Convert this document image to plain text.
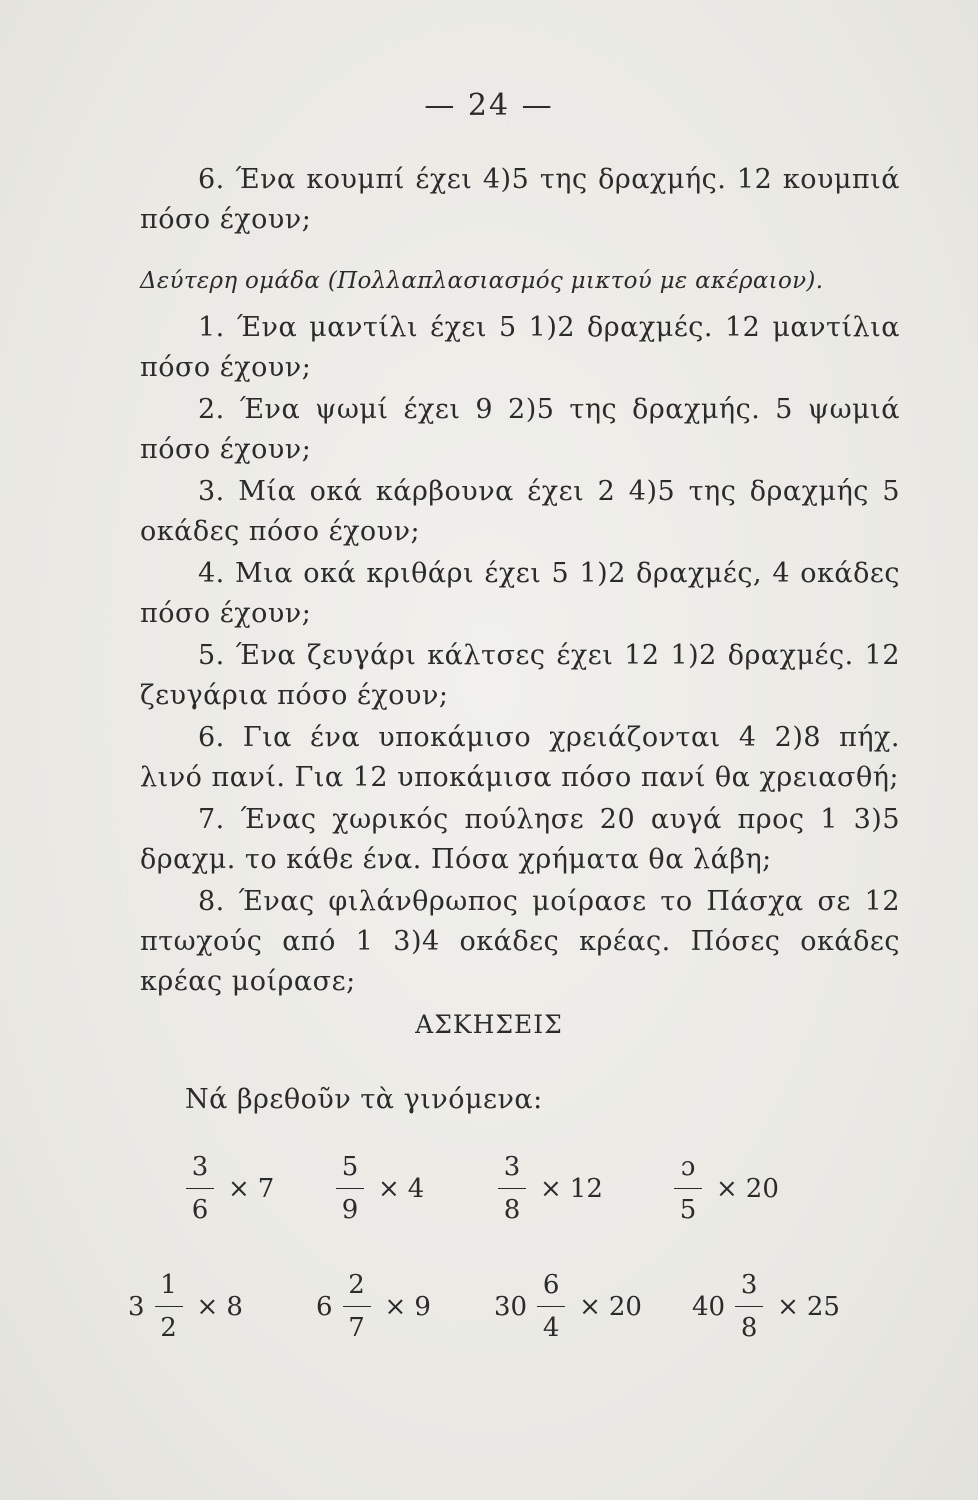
— 24 —

6. Ένα κουμπί έχει 4)5 της δραχμής. 12 κουμπιά πόσο έχουν;

Δεύτερη ομάδα (Πολλαπλασιασμός μικτού με ακέραιον).

1. Ένα μαντίλι έχει 5 1)2 δραχμές. 12 μαντίλια πόσο έχουν;

2. Ένα ψωμί έχει 9 2)5 της δραχμής. 5 ψωμιά πόσο έχουν;

3. Μία οκά κάρβουνα έχει 2 4)5 της δραχμής 5 οκάδες πόσο έχουν;

4. Μια οκά κριθάρι έχει 5 1)2 δραχμές, 4 οκάδες πόσο έχουν;

5. Ένα ζευγάρι κάλτσες έχει 12 1)2 δραχμές. 12 ζευγάρια πόσο έχουν;

6. Για ένα υποκάμισο χρειάζονται 4 2)8 πήχ. λινό πανί. Για 12 υποκάμισα πόσο πανί θα χρειασθή;

7. Ένας χωρικός πούλησε 20 αυγά προς 1 3)5 δραχμ. το κάθε ένα. Πόσα χρήματα θα λάβη;

8. Ένας φιλάνθρωπος μοίρασε το Πάσχα σε 12 πτωχούς από 1 3)4 οκάδες κρέας. Πόσες οκάδες κρέας μοίρασε;

ΑΣΚΗΣΕΙΣ
Νά βρεθοῦν τὰ γινόμενα:
$\frac{3}{6} \times 7 \frac{5}{9} \times 4$	$\frac{3}{8} \times 12$	$\frac{\text{ɔ}}{5} \times 20$
$3 \frac{1}{2} \times 8$	$6 \frac{2}{7} \times 9$ $30 \frac{6}{4} \times 20$ $40 \frac{3}{8} \times 25$
